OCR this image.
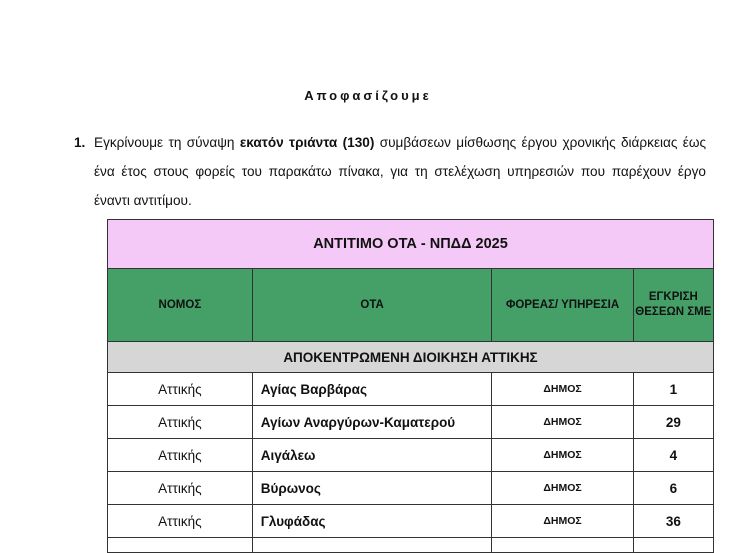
Αποφασίζουμε
1. Εγκρίνουμε τη σύναψη εκατόν τριάντα (130) συμβάσεων μίσθωσης έργου χρονικής διάρκειας έως ένα έτος στους φορείς του παρακάτω πίνακα, για τη στελέχωση υπηρεσιών που παρέχουν έργο έναντι αντιτίμου.
ΑΝΤΙΤΙΜΟ ΟΤΑ - ΝΠΔΔ 2025			
ΝΟΜΟΣ	ΟΤΑ	ΦΟΡΕΑΣ/ ΥΠΗΡΕΣΙΑ	ΕΓΚΡΙΣΗ ΘΕΣΕΩΝ ΣΜΕ
ΑΠΟΚΕΝΤΡΩΜΕΝΗ ΔΙΟΙΚΗΣΗ ΑΤΤΙΚΗΣ			
Αττικής	Αγίας Βαρβάρας	ΔΗΜΟΣ	1
Αττικής	Αγίων Αναργύρων-Καματερού	ΔΗΜΟΣ	29
Αττικής	Αιγάλεω	ΔΗΜΟΣ	4
Αττικής	Βύρωνος	ΔΗΜΟΣ	6
Αττικής	Γλυφάδας	ΔΗΜΟΣ	36
